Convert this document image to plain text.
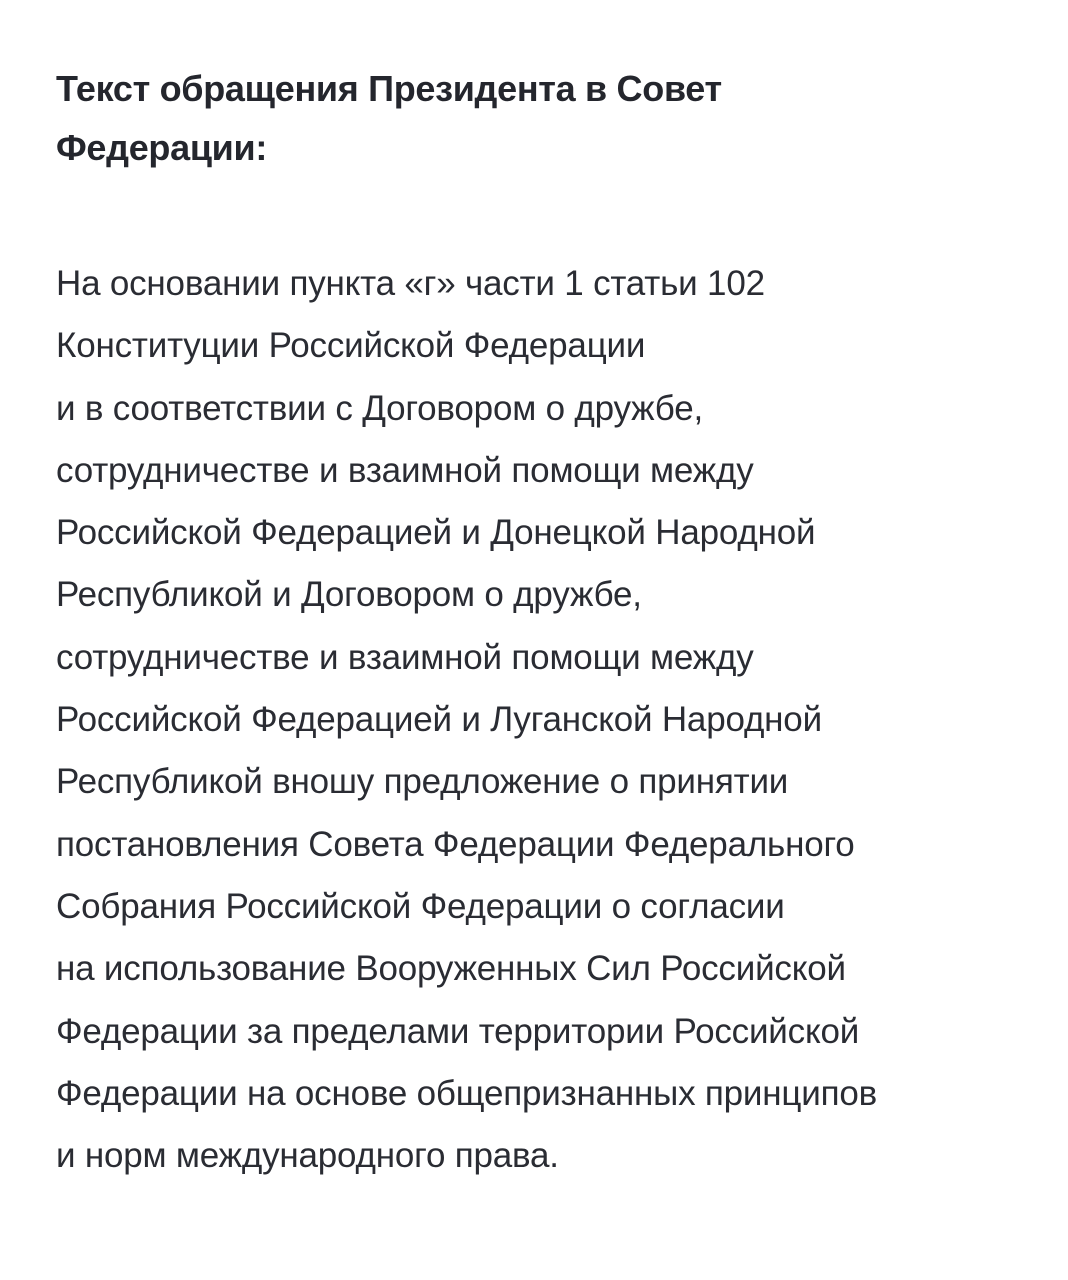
Текст обращения Президента в Совет
Федерации:
На основании пункта «г» части 1 статьи 102
Конституции Российской Федерации
и в соответствии с Договором о дружбе,
сотрудничестве и взаимной помощи между
Российской Федерацией и Донецкой Народной
Республикой и Договором о дружбе,
сотрудничестве и взаимной помощи между
Российской Федерацией и Луганской Народной
Республикой вношу предложение о принятии
постановления Совета Федерации Федерального
Собрания Российской Федерации о согласии
на использование Вооруженных Сил Российской
Федерации за пределами территории Российской
Федерации на основе общепризнанных принципов
и норм международного права.
